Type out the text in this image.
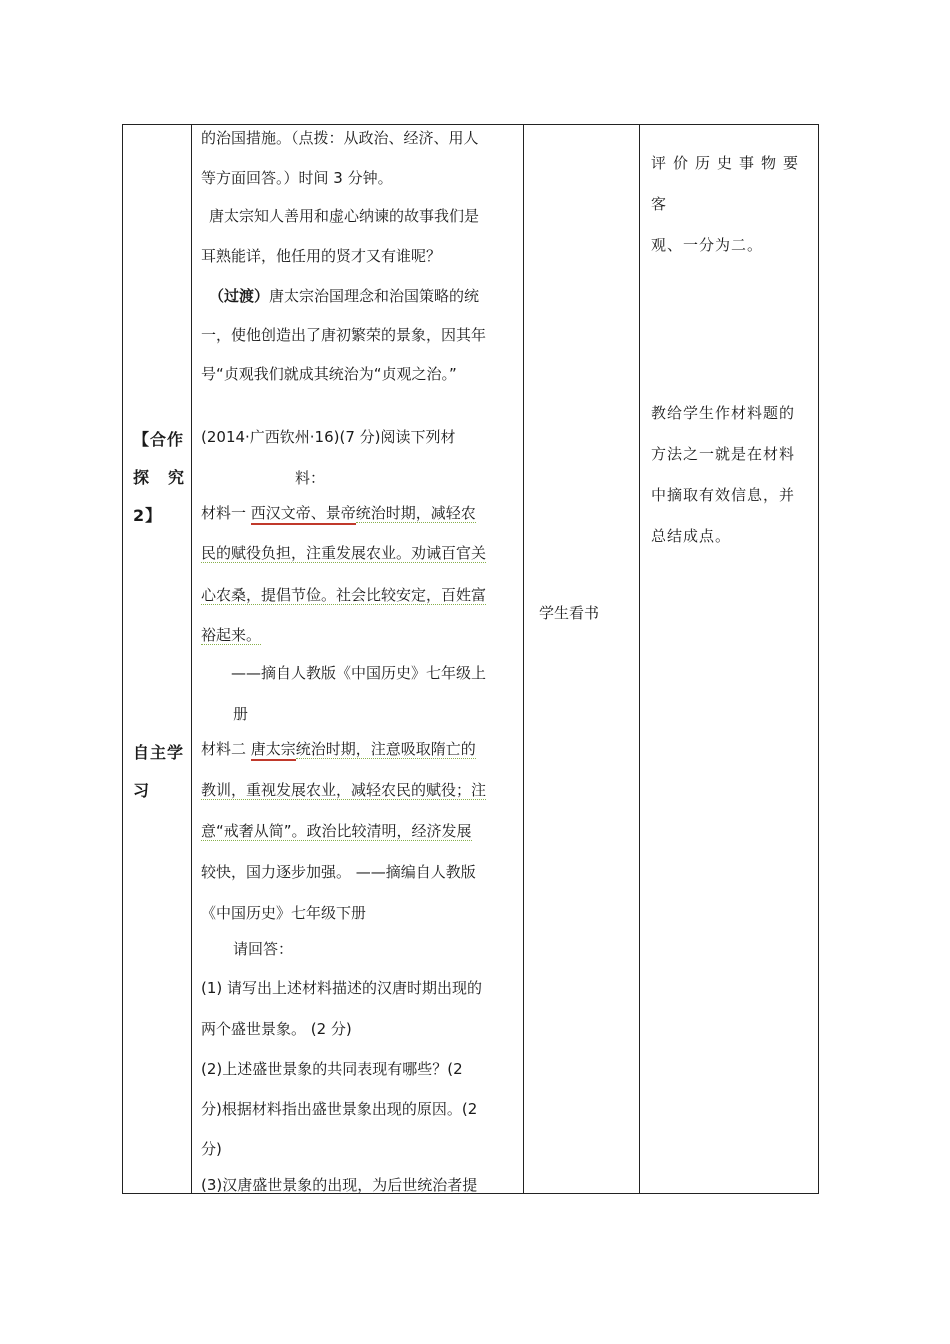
【合作
探 究
2】
自主学
习
的治国措施。（点拨：从政治、经济、用人
等方面回答。）时间 3 分钟。
唐太宗知人善用和虚心纳谏的故事我们是
耳熟能详，他任用的贤才又有谁呢？
（过渡）唐太宗治国理念和治国策略的统
一，使他创造出了唐初繁荣的景象，因其年
号“贞观我们就成其统治为“贞观之治。”
(2014·广西钦州·16)(7 分)阅读下列材
料：
材料一 西汉文帝、景帝统治时期，减轻农
民的赋役负担，注重发展农业。劝诫百官关
心农桑，提倡节俭。社会比较安定，百姓富
裕起来。
——摘自人教版《中国历史》七年级上
册
材料二 唐太宗统治时期，注意吸取隋亡的
教训，重视发展农业，减轻农民的赋役；注
意“戒奢从简”。政治比较清明，经济发展
较快，国力逐步加强。 ——摘编自人教版
《中国历史》七年级下册
请回答：
(1) 请写出上述材料描述的汉唐时期出现的
两个盛世景象。 (2 分)
(2)上述盛世景象的共同表现有哪些？(2
分)根据材料指出盛世景象出现的原因。(2
分)
(3)汉唐盛世景象的出现，为后世统治者提
学生看书
评价历史事物要客
观、一分为二。
教给学生作材料题的
方法之一就是在材料
中摘取有效信息，并
总结成点。
